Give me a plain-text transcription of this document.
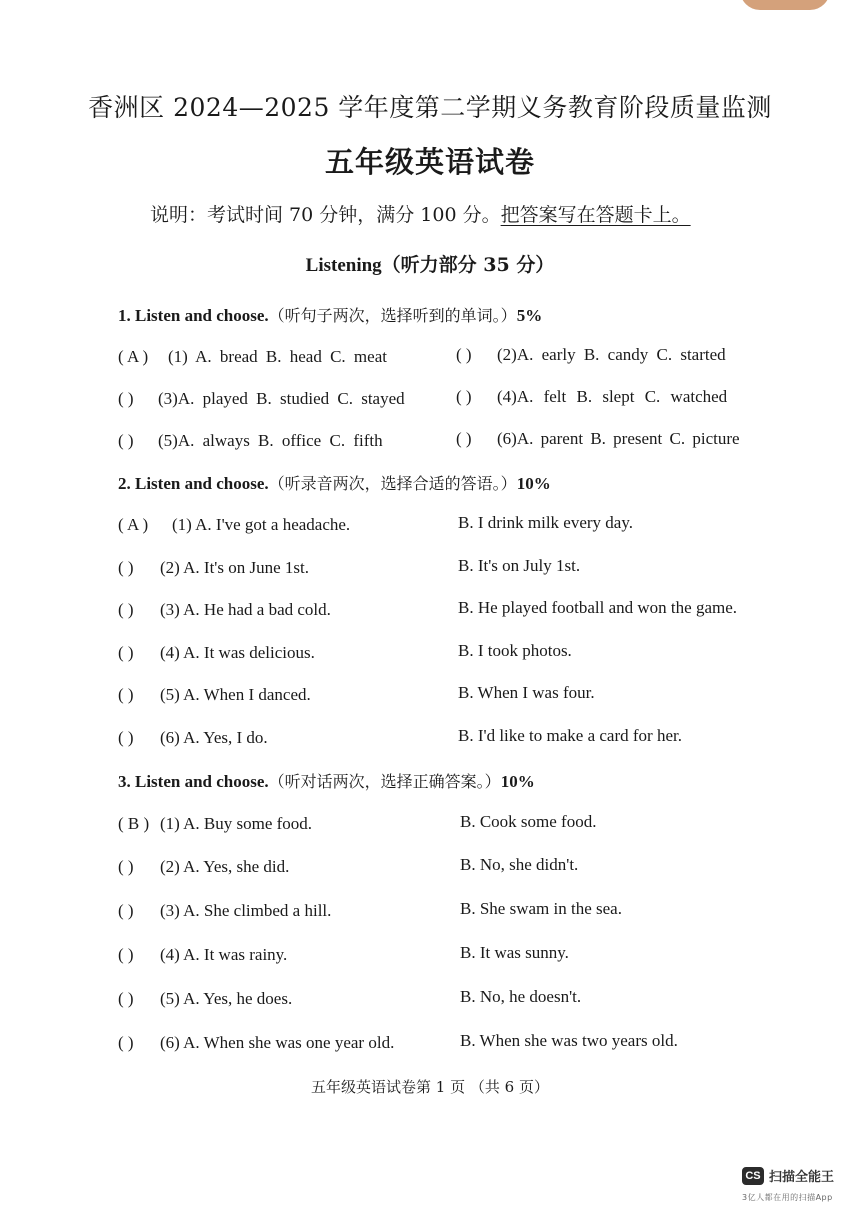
香洲区 2024—2025 学年度第二学期义务教育阶段质量监测
五年级英语试卷
说明：考试时间 70 分钟，满分 100 分。把答案写在答题卡上。
Listening（听力部分 35 分）
1. Listen and choose.（听句子两次，选择听到的单词。）5%
( A ) (1) A. bread B. head C. meat	( ) (2)A. early B. candy C. started
( ) (3)A. played B. studied C. stayed	( ) (4)A. felt B. slept C. watched
( ) (5)A. always B. office C. fifth	( ) (6)A. parent B. present C. picture
2. Listen and choose.（听录音两次，选择合适的答语。）10%
( A ) (1) A. I've got a headache.	B. I drink milk every day.
( ) (2) A. It's on June 1st.	B. It's on July 1st.
( ) (3) A. He had a bad cold.	B. He played football and won the game.
( ) (4) A. It was delicious.	B. I took photos.
( ) (5) A. When I danced.	B. When I was four.
( ) (6) A. Yes, I do.	B. I'd like to make a card for her.
3. Listen and choose.（听对话两次，选择正确答案。）10%
( B ) (1) A. Buy some food.	B. Cook some food.
( ) (2) A. Yes, she did.	B. No, she didn't.
( ) (3) A. She climbed a hill.	B. She swam in the sea.
( ) (4) A. It was rainy.	B. It was sunny.
( ) (5) A. Yes, he does.	B. No, he doesn't.
( ) (6) A. When she was one year old.	B. When she was two years old.
五年级英语试卷第 1 页 （共 6 页）
CS 扫描全能王
3亿人都在用的扫描App
